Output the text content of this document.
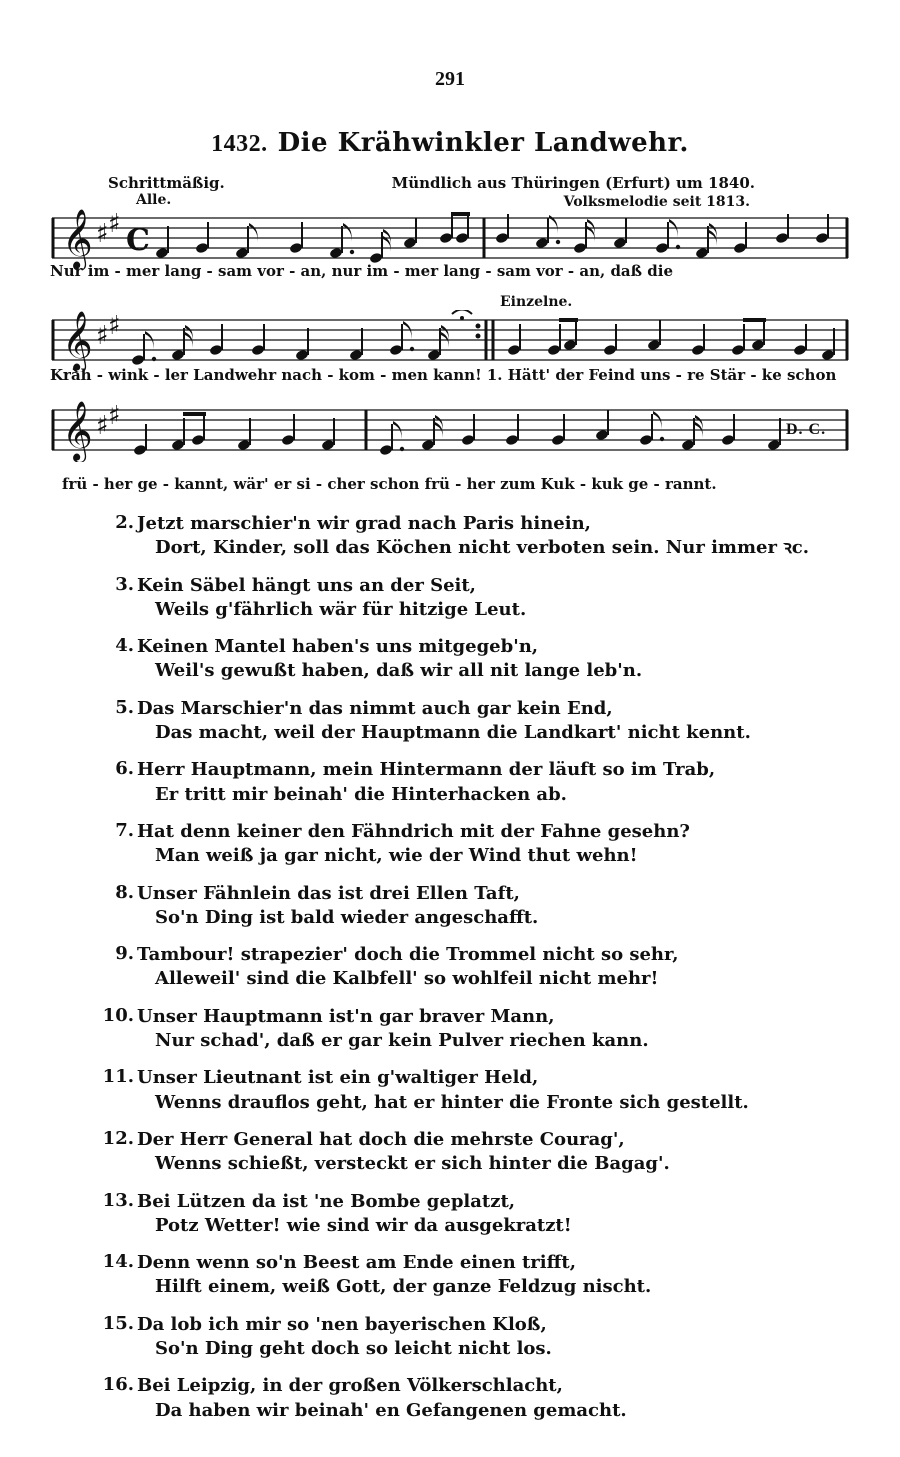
291
1432. Die Krähwinkler Landwehr.
Schrittmäßig.
Alle.
Mündlich aus Thüringen (Erfurt) um 1840.
Volksmelodie seit 1813.
𝄞 ♯ ♯ C
Nur im ‑ mer lang ‑ sam vor ‑ an, nur im ‑ mer lang ‑ sam vor ‑ an, daß die
Einzelne.
𝄞 ♯ ♯
Kräh ‑ wink ‑ ler Landwehr nach ‑ kom ‑ men kann! 1. Hätt' der Feind uns ‑ re Stär ‑ ke schon
𝄞 ♯ ♯	D. C.
frü ‑ her ge ‑ kannt, wär' er si ‑ cher schon frü ‑ her zum Kuk ‑ kuk ge ‑ rannt.
2. Jetzt marschier'n wir grad nach Paris hinein,
Dort, Kinder, soll das Köchen nicht verboten sein. Nur immer ꝛc.
3. Kein Säbel hängt uns an der Seit,
Weils g'fährlich wär für hitzige Leut.
4. Keinen Mantel haben's uns mitgegeb'n,
Weil's gewußt haben, daß wir all nit lange leb'n.
5. Das Marschier'n das nimmt auch gar kein End,
Das macht, weil der Hauptmann die Landkart' nicht kennt.
6. Herr Hauptmann, mein Hintermann der läuft so im Trab,
Er tritt mir beinah' die Hinterhacken ab.
7. Hat denn keiner den Fähndrich mit der Fahne gesehn?
Man weiß ja gar nicht, wie der Wind thut wehn!
8. Unser Fähnlein das ist drei Ellen Taft,
So'n Ding ist bald wieder angeschafft.
9. Tambour! strapezier' doch die Trommel nicht so sehr,
Alleweil' sind die Kalbfell' so wohlfeil nicht mehr!
10. Unser Hauptmann ist'n gar braver Mann,
Nur schad', daß er gar kein Pulver riechen kann.
11. Unser Lieutnant ist ein g'waltiger Held,
Wenns drauflos geht, hat er hinter die Fronte sich gestellt.
12. Der Herr General hat doch die mehrste Courag',
Wenns schießt, versteckt er sich hinter die Bagag'.
13. Bei Lützen da ist 'ne Bombe geplatzt,
Potz Wetter! wie sind wir da ausgekratzt!
14. Denn wenn so'n Beest am Ende einen trifft,
Hilft einem, weiß Gott, der ganze Feldzug nischt.
15. Da lob ich mir so 'nen bayerischen Kloß,
So'n Ding geht doch so leicht nicht los.
16. Bei Leipzig, in der großen Völkerschlacht,
Da haben wir beinah' en Gefangenen gemacht.
